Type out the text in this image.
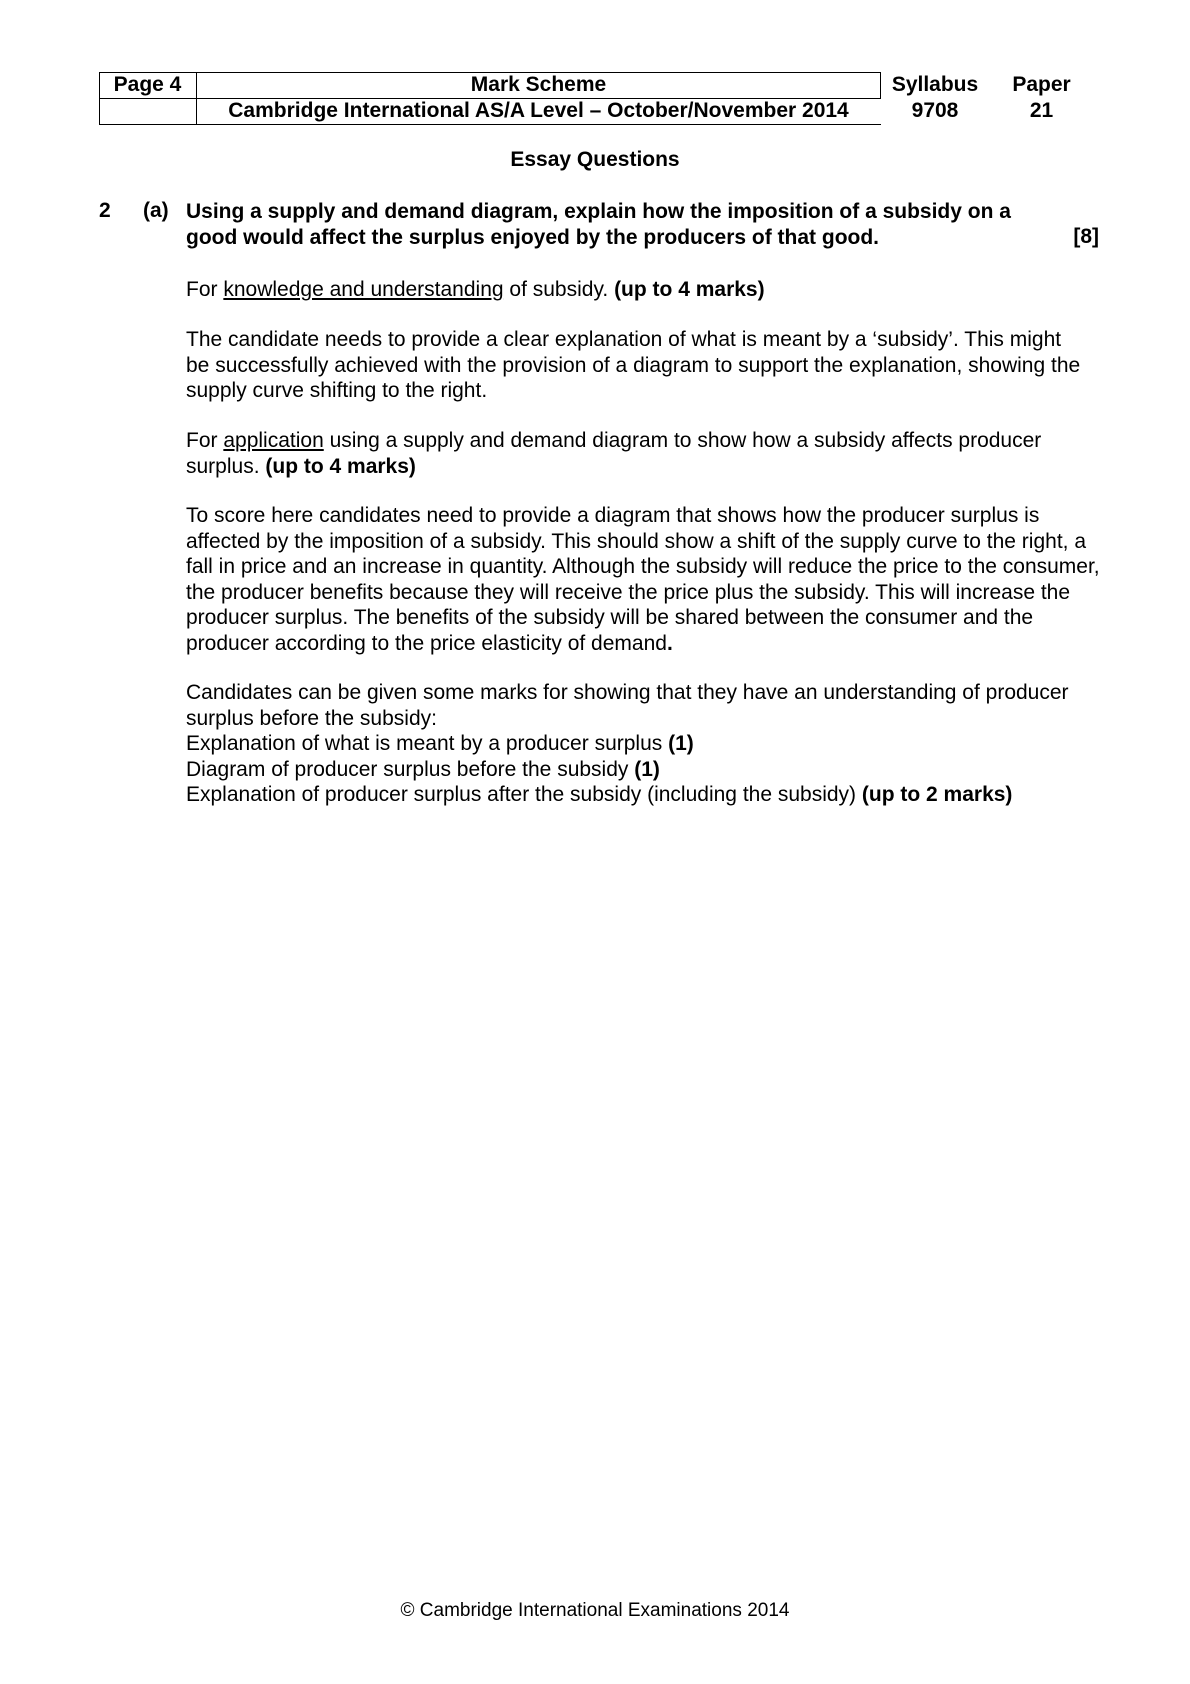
Page 4	Mark Scheme
Cambridge International AS/A Level – October/November 2014
Syllabus
9708
Paper
21
Essay Questions
2 (a) Using a supply and demand diagram, explain how the imposition of a subsidy on a good would affect the surplus enjoyed by the producers of that good.	[8]

For knowledge and understanding of subsidy. (up to 4 marks)

The candidate needs to provide a clear explanation of what is meant by a ‘subsidy’. This might be successfully achieved with the provision of a diagram to support the explanation, showing the supply curve shifting to the right.

For application using a supply and demand diagram to show how a subsidy affects producer surplus. (up to 4 marks)

To score here candidates need to provide a diagram that shows how the producer surplus is affected by the imposition of a subsidy. This should show a shift of the supply curve to the right, a fall in price and an increase in quantity. Although the subsidy will reduce the price to the consumer, the producer benefits because they will receive the price plus the subsidy. This will increase the producer surplus. The benefits of the subsidy will be shared between the consumer and the producer according to the price elasticity of demand.

Candidates can be given some marks for showing that they have an understanding of producer surplus before the subsidy:

Explanation of what is meant by a producer surplus (1)

Diagram of producer surplus before the subsidy (1)

Explanation of producer surplus after the subsidy (including the subsidy) (up to 2 marks)

© Cambridge International Examinations 2014
